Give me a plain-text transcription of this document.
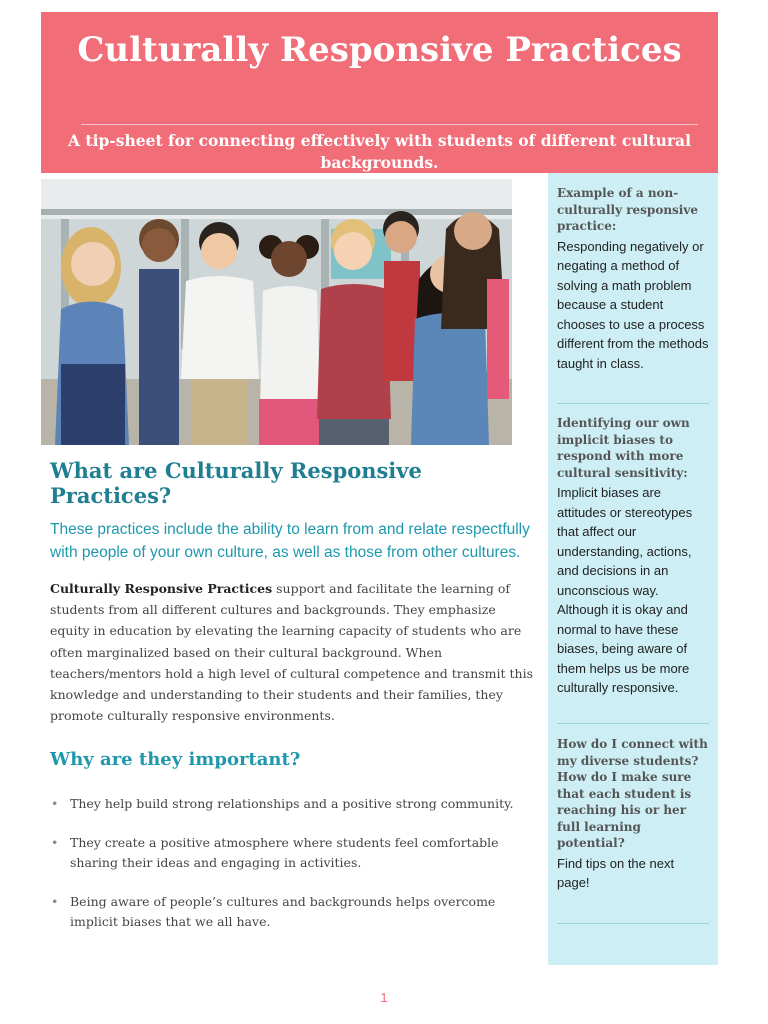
Culturally Responsive Practices
A tip-sheet for connecting effectively with students of different cultural backgrounds.
What are Culturally Responsive Practices?

These practices include the ability to learn from and relate respectfully with people of your own culture, as well as those from other cultures.

Culturally Responsive Practices support and facilitate the learning of students from all different cultures and backgrounds. They emphasize equity in education by elevating the learning capacity of students who are often marginalized based on their cultural background. When teachers/mentors hold a high level of cultural competence and transmit this knowledge and understanding to their students and their families, they promote culturally responsive environments.

Why are they important?
• They help build strong relationships and a positive strong community.
• They create a positive atmosphere where students feel comfortable sharing their ideas and engaging in activities.
• Being aware of people’s cultures and backgrounds helps overcome implicit biases that we all have.

Example of a non-culturally responsive practice:

Responding negatively or negating a method of solving a math problem because a student chooses to use a process different from the methods taught in class.

Identifying our own implicit biases to respond with more cultural sensitivity:

Implicit biases are attitudes or stereotypes that affect our understanding, actions, and decisions in an unconscious way. Although it is okay and normal to have these biases, being aware of them helps us be more culturally responsive.

How do I connect with my diverse students? How do I make sure that each student is reaching his or her full learning potential?

Find tips on the next page!

1
